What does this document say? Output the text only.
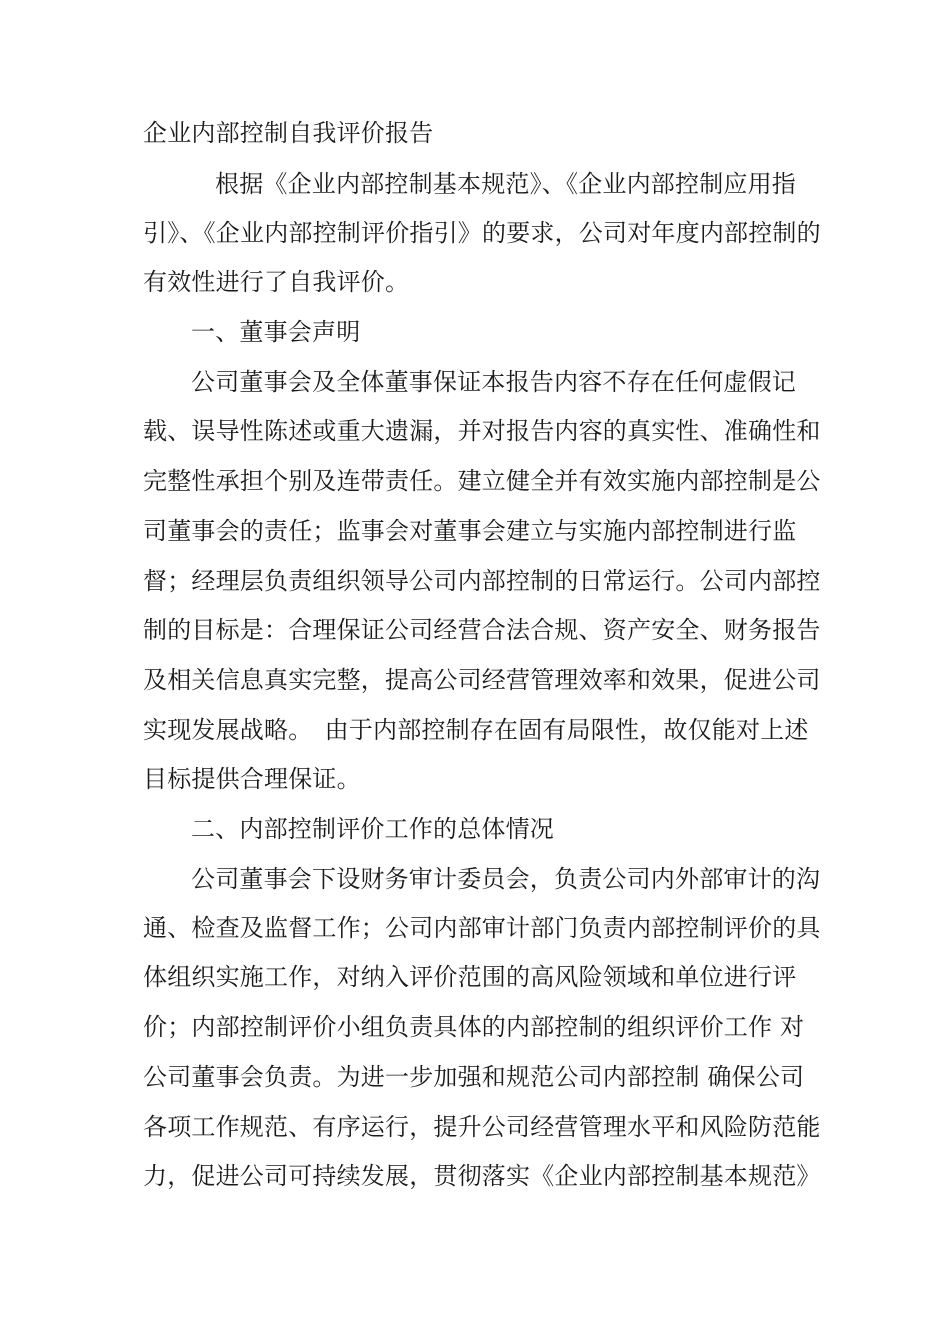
企业内部控制自我评价报告
根据《企业内部控制基本规范》、《企业内部控制应用指
引》、《企业内部控制评价指引》的要求，公司对年度内部控制的
有效性进行了自我评价。
一、董事会声明
公司董事会及全体董事保证本报告内容不存在任何虚假记
载、误导性陈述或重大遗漏，并对报告内容的真实性、准确性和
完整性承担个别及连带责任。建立健全并有效实施内部控制是公
司董事会的责任；监事会对董事会建立与实施内部控制进行监
督；经理层负责组织领导公司内部控制的日常运行。公司内部控
制的目标是：合理保证公司经营合法合规、资产安全、财务报告
及相关信息真实完整，提高公司经营管理效率和效果，促进公司
实现发展战略。　由于内部控制存在固有局限性，故仅能对上述
目标提供合理保证。
二、内部控制评价工作的总体情况
公司董事会下设财务审计委员会，负责公司内外部审计的沟
通、检查及监督工作；公司内部审计部门负责内部控制评价的具
体组织实施工作，对纳入评价范围的高风险领域和单位进行评
价；内部控制评价小组负责具体的内部控制的组织评价工作 对
公司董事会负责。为进一步加强和规范公司内部控制 确保公司
各项工作规范、有序运行，提升公司经营管理水平和风险防范能
力，促进公司可持续发展，贯彻落实《企业内部控制基本规范》
